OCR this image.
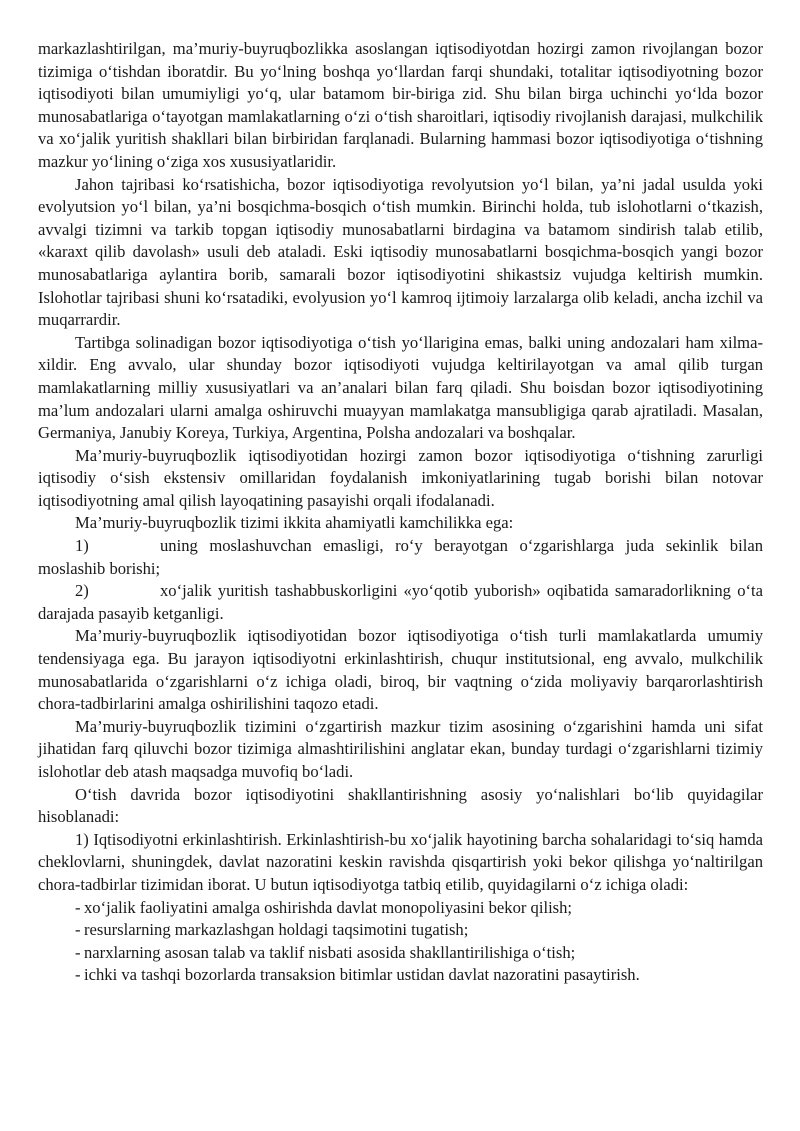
markazlashtirilgan, ma’muriy-buyruqbozlikka asoslangan iqtisodiyotdan hozirgi zamon rivojlangan bozor tizimiga o‘tishdan iboratdir. Bu yo‘lning boshqa yo‘llardan farqi shundaki, totalitar iqtisodiyotning bozor iqtisodiyoti bilan umumiyligi yo‘q, ular batamom bir-biriga zid. Shu bilan birga uchinchi yo‘lda bozor munosabatlariga o‘tayotgan mamlakatlarning o‘zi o‘tish sharoitlari, iqtisodiy rivojlanish darajasi, mulkchilik va xo‘jalik yuritish shakllari bilan birbiridan farqlanadi. Bularning hammasi bozor iqtisodiyotiga o‘tishning mazkur yo‘lining o‘ziga xos xususiyatlaridir.

Jahon tajribasi ko‘rsatishicha, bozor iqtisodiyotiga revolyutsion yo‘l bilan, ya’ni jadal usulda yoki evolyutsion yo‘l bilan, ya’ni bosqichma-bosqich o‘tish mumkin. Birinchi holda, tub islohotlarni o‘tkazish, avvalgi tizimni va tarkib topgan iqtisodiy munosabatlarni birdagina va batamom sindirish talab etilib, «karaxt qilib davolash» usuli deb ataladi. Eski iqtisodiy munosabatlarni bosqichma-bosqich yangi bozor munosabatlariga aylantira borib, samarali bozor iqtisodiyotini shikastsiz vujudga keltirish mumkin. Islohotlar tajribasi shuni ko‘rsatadiki, evolyusion yo‘l kamroq ijtimoiy larzalarga olib keladi, ancha izchil va muqarrardir.

Tartibga solinadigan bozor iqtisodiyotiga o‘tish yo‘llarigina emas, balki uning andozalari ham xilma-xildir. Eng avvalo, ular shunday bozor iqtisodiyoti vujudga keltirilayotgan va amal qilib turgan mamlakatlarning milliy xususiyatlari va an’analari bilan farq qiladi. Shu boisdan bozor iqtisodiyotining ma’lum andozalari ularni amalga oshiruvchi muayyan mamlakatga mansubligiga qarab ajratiladi. Masalan, Germaniya, Janubiy Koreya, Turkiya, Argentina, Polsha andozalari va boshqalar.

Ma’muriy-buyruqbozlik iqtisodiyotidan hozirgi zamon bozor iqtisodiyotiga o‘tishning zarurligi iqtisodiy o‘sish ekstensiv omillaridan foydalanish imkoniyatlarining tugab borishi bilan notovar iqtisodiyotning amal qilish layoqatining pasayishi orqali ifodalanadi.

Ma’muriy-buyruqbozlik tizimi ikkita ahamiyatli kamchilikka ega:

1)	uning moslashuvchan emasligi, ro‘y berayotgan o‘zgarishlarga juda sekinlik bilan moslashib borishi;

2)	xo‘jalik yuritish tashabbuskorligini «yo‘qotib yuborish» oqibatida samaradorlikning o‘ta darajada pasayib ketganligi.

Ma’muriy-buyruqbozlik iqtisodiyotidan bozor iqtisodiyotiga o‘tish turli mamlakatlarda umumiy tendensiyaga ega. Bu jarayon iqtisodiyotni erkinlashtirish, chuqur institutsional, eng avvalo, mulkchilik munosabatlarida o‘zgarishlarni o‘z ichiga oladi, biroq, bir vaqtning o‘zida moliyaviy barqarorlashtirish chora-tadbirlarini amalga oshirilishini taqozo etadi.

Ma’muriy-buyruqbozlik tizimini o‘zgartirish mazkur tizim asosining o‘zgarishini hamda uni sifat jihatidan farq qiluvchi bozor tizimiga almashtirilishini anglatar ekan, bunday turdagi o‘zgarishlarni tizimiy islohotlar deb atash maqsadga muvofiq bo‘ladi.

O‘tish davrida bozor iqtisodiyotini shakllantirishning asosiy yo‘nalishlari bo‘lib quyidagilar hisoblanadi:

1) Iqtisodiyotni erkinlashtirish. Erkinlashtirish-bu xo‘jalik hayotining barcha sohalaridagi to‘siq hamda cheklovlarni, shuningdek, davlat nazoratini keskin ravishda qisqartirish yoki bekor qilishga yo‘naltirilgan chora-tadbirlar tizimidan iborat. U butun iqtisodiyotga tatbiq etilib, quyidagilarni o‘z ichiga oladi:

- xo‘jalik faoliyatini amalga oshirishda davlat monopoliyasini bekor qilish;

- resurslarning markazlashgan holdagi taqsimotini tugatish;

- narxlarning asosan talab va taklif nisbati asosida shakllantirilishiga o‘tish;

- ichki va tashqi bozorlarda transaksion bitimlar ustidan davlat nazoratini pasaytirish.
